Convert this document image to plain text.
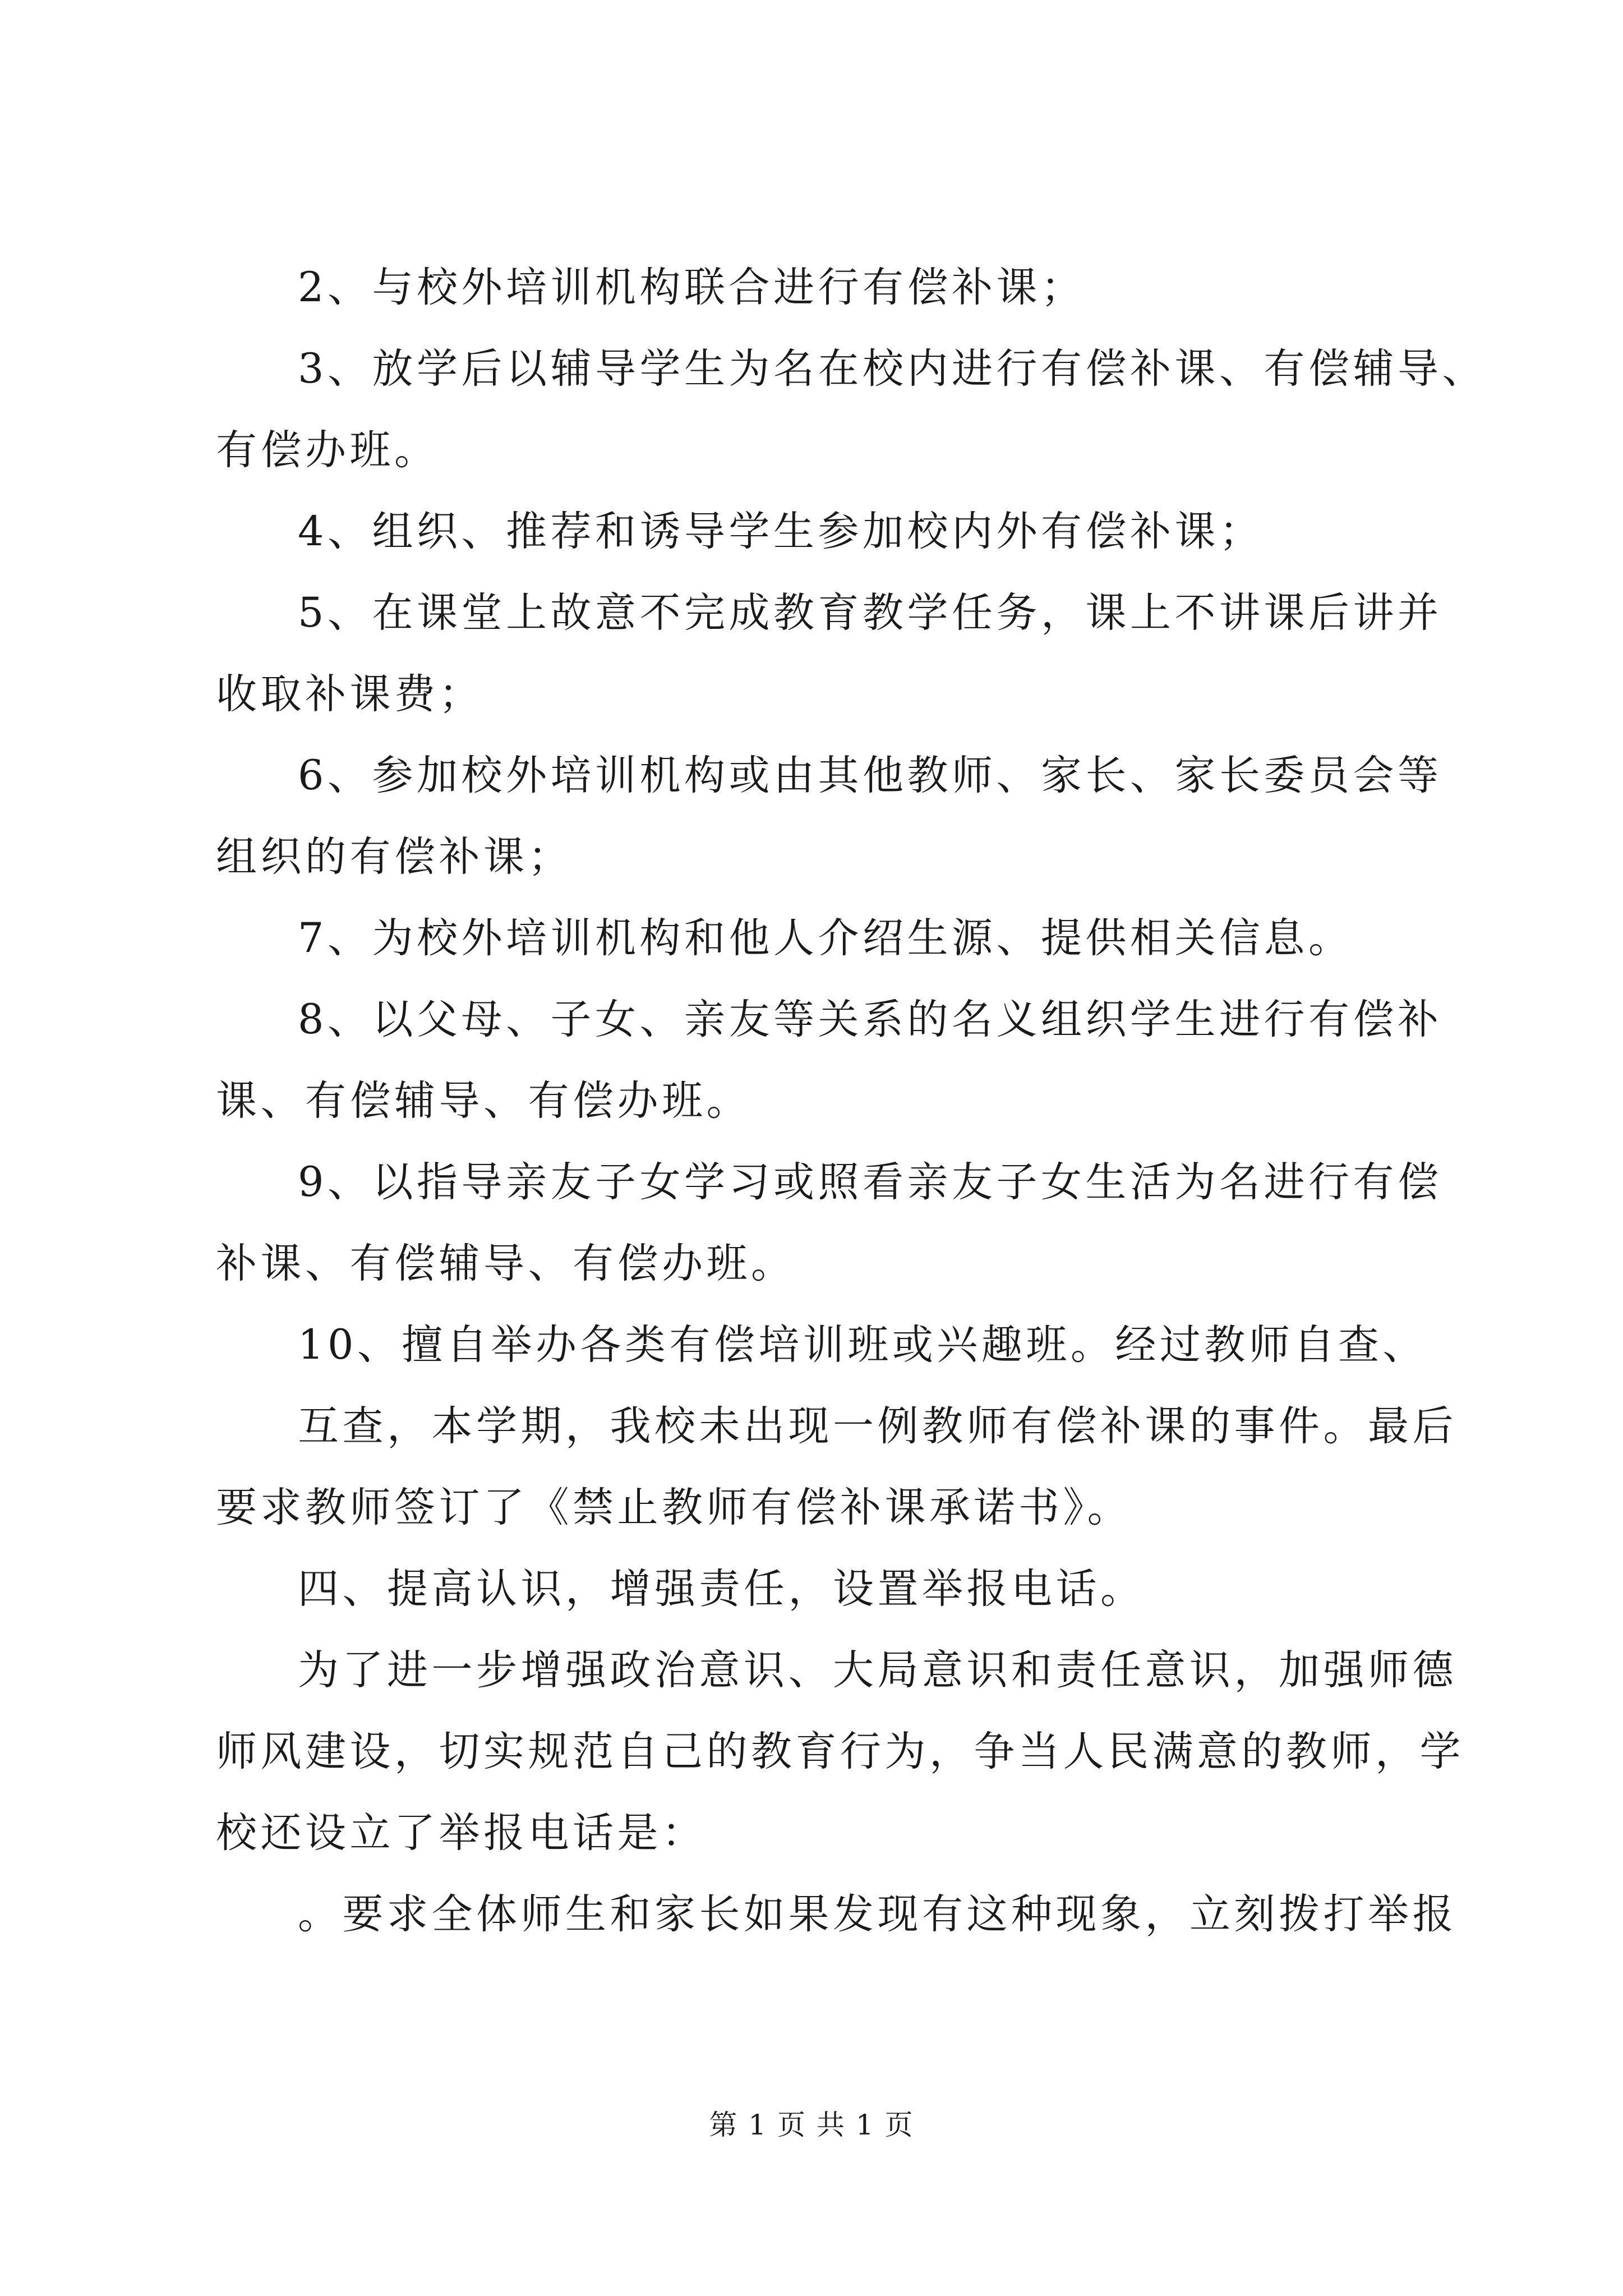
2、与校外培训机构联合进行有偿补课；

3、放学后以辅导学生为名在校内进行有偿补课、有偿辅导、

有偿办班。

4、组织、推荐和诱导学生参加校内外有偿补课；

5、在课堂上故意不完成教育教学任务，课上不讲课后讲并

收取补课费；

6、参加校外培训机构或由其他教师、家长、家长委员会等

组织的有偿补课；

7、为校外培训机构和他人介绍生源、提供相关信息。

8、以父母、子女、亲友等关系的名义组织学生进行有偿补

课、有偿辅导、有偿办班。

9、以指导亲友子女学习或照看亲友子女生活为名进行有偿

补课、有偿辅导、有偿办班。

10、擅自举办各类有偿培训班或兴趣班。经过教师自查、

互查，本学期，我校未出现一例教师有偿补课的事件。最后

要求教师签订了《禁止教师有偿补课承诺书》。

四、提高认识，增强责任，设置举报电话。

为了进一步增强政治意识、大局意识和责任意识，加强师德

师风建设，切实规范自己的教育行为，争当人民满意的教师，学

校还设立了举报电话是：

。要求全体师生和家长如果发现有这种现象，立刻拨打举报

第 1 页 共 1 页
